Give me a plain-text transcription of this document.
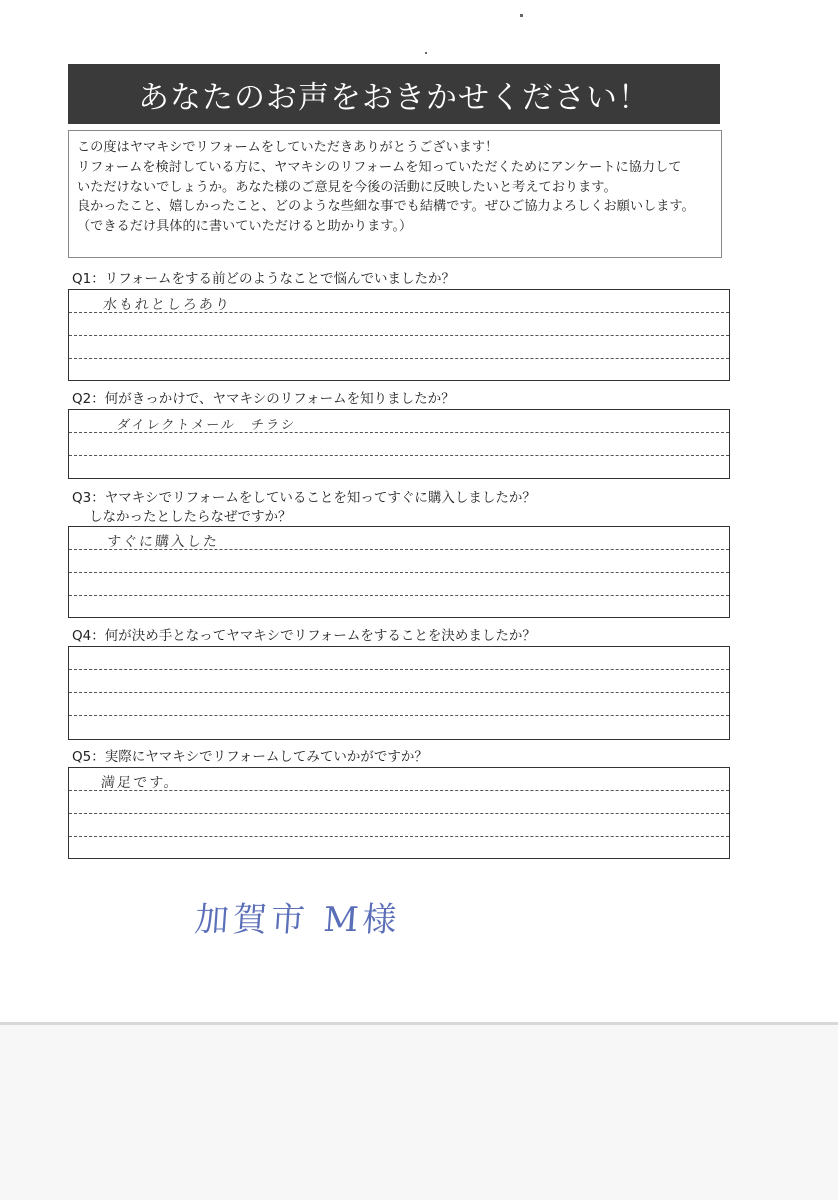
あなたのお声をおきかせください！

この度はヤマキシでリフォームをしていただきありがとうございます！

リフォームを検討している方に、ヤマキシのリフォームを知っていただくためにアンケートに協力して

いただけないでしょうか。あなた様のご意見を今後の活動に反映したいと考えております。

良かったこと、嬉しかったこと、どのような些細な事でも結構です。ぜひご協力よろしくお願いします。

（できるだけ具体的に書いていただけると助かります。）

Q1：リフォームをする前どのようなことで悩んでいましたか？
水もれとしろあり
Q2：何がきっかけで、ヤマキシのリフォームを知りましたか？
ダイレクトメール　チラシ
Q3：ヤマキシでリフォームをしていることを知ってすぐに購入しましたか？
しなかったとしたらなぜですか？
すぐに購入した
Q4：何が決め手となってヤマキシでリフォームをすることを決めましたか？
Q5：実際にヤマキシでリフォームしてみていかがですか？
満足です。
加賀市 M様
